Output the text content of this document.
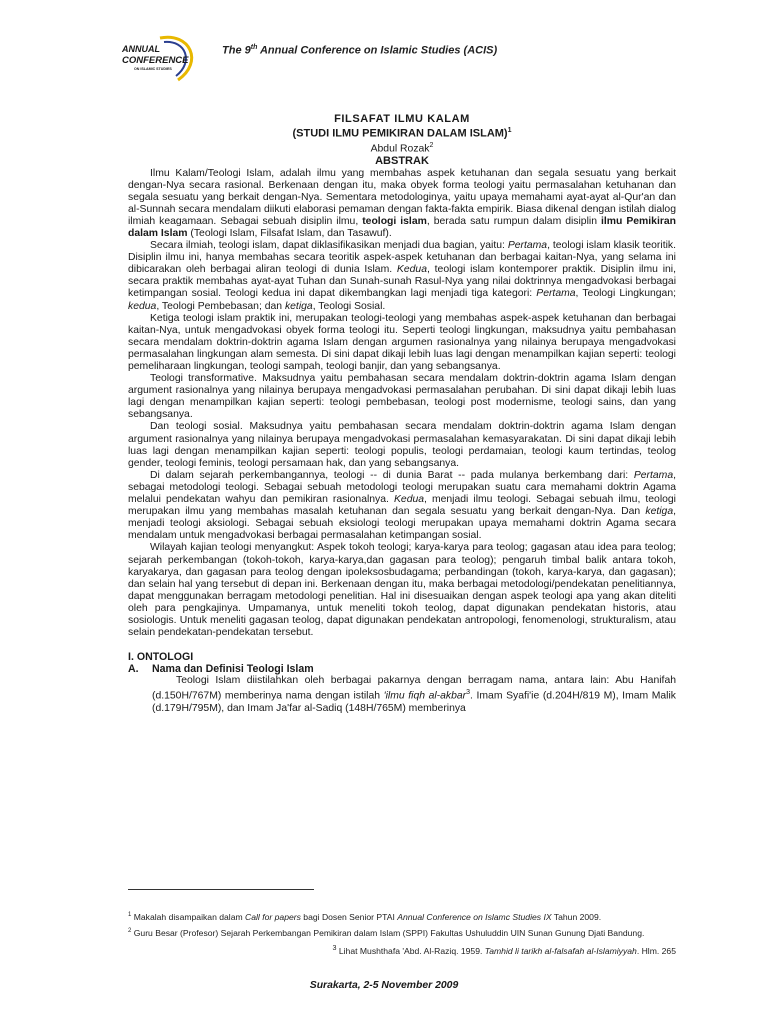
ANNUAL
CONFERENCE
ON ISLAMIC STUDIES
The 9th Annual Conference on Islamic Studies (ACIS)
FILSAFAT ILMU KALAM
(STUDI ILMU PEMIKIRAN DALAM ISLAM)$^1$
Abdul Rozak$^2$
ABSTRAK

Ilmu Kalam/Teologi Islam, adalah ilmu yang membahas aspek ketuhanan dan segala sesuatu yang berkait dengan-Nya secara rasional. Berkenaan dengan itu, maka obyek forma teologi yaitu permasalahan ketuhanan dan segala sesuatu yang berkait dengan-Nya. Sementara metodologinya, yaitu upaya memahami ayat-ayat al-Qur'an dan al-Sunnah secara mendalam diikuti elaborasi pemaman dengan fakta-fakta empirik. Biasa dikenal dengan istilah dialog ilmiah keagamaan. Sebagai sebuah disiplin ilmu, teologi islam, berada satu rumpun dalam disiplin ilmu Pemikiran dalam Islam (Teologi Islam, Filsafat Islam, dan Tasawuf).

Secara ilmiah, teologi islam, dapat diklasifikasikan menjadi dua bagian, yaitu: Pertama, teologi islam klasik teoritik. Disiplin ilmu ini, hanya membahas secara teoritik aspek-aspek ketuhanan dan berbagai kaitan-Nya, yang selama ini dibicarakan oleh berbagai aliran teologi di dunia Islam. Kedua, teologi islam kontemporer praktik. Disiplin ilmu ini, secara praktik membahas ayat-ayat Tuhan dan Sunah-sunah Rasul-Nya yang nilai doktrinnya mengadvokasi berbagai ketimpangan sosial. Teologi kedua ini dapat dikembangkan lagi menjadi tiga kategori: Pertama, Teologi Lingkungan; kedua, Teologi Pembebasan; dan ketiga, Teologi Sosial.

Ketiga teologi islam praktik ini, merupakan teologi-teologi yang membahas aspek-aspek ketuhanan dan berbagai kaitan-Nya, untuk mengadvokasi obyek forma teologi itu. Seperti teologi lingkungan, maksudnya yaitu pembahasan secara mendalam doktrin-doktrin agama Islam dengan argumen rasionalnya yang nilainya berupaya mengadvokasi permasalahan lingkungan alam semesta. Di sini dapat dikaji lebih luas lagi dengan menampilkan kajian seperti: teologi pemeliharaan lingkungan, teologi sampah, teologi banjir, dan yang sebangsanya.

Teologi transformative. Maksudnya yaitu pembahasan secara mendalam doktrin-doktrin agama Islam dengan argument rasionalnya yang nilainya berupaya mengadvokasi permasalahan perubahan. Di sini dapat dikaji lebih luas lagi dengan menampilkan kajian seperti: teologi pembebasan, teologi post modernisme, teologi sains, dan yang sebangsanya.

Dan teologi sosial. Maksudnya yaitu pembahasan secara mendalam doktrin-doktrin agama Islam dengan argument rasionalnya yang nilainya berupaya mengadvokasi permasalahan kemasyarakatan. Di sini dapat dikaji lebih luas lagi dengan menampilkan kajian seperti: teologi populis, teologi perdamaian, teologi kaum tertindas, teolog gender, teologi feminis, teologi persamaan hak, dan yang sebangsanya.

Di dalam sejarah perkembangannya, teologi -- di dunia Barat -- pada mulanya berkembang dari: Pertama, sebagai metodologi teologi. Sebagai sebuah metodologi teologi merupakan suatu cara memahami doktrin Agama melalui pendekatan wahyu dan pemikiran rasionalnya. Kedua, menjadi ilmu teologi. Sebagai sebuah ilmu, teologi merupakan ilmu yang membahas masalah ketuhanan dan segala sesuatu yang berkait dengan-Nya. Dan ketiga, menjadi teologi aksiologi. Sebagai sebuah eksiologi teologi merupakan upaya memahami doktrin Agama secara mendalam untuk mengadvokasi berbagai permasalahan ketimpangan sosial.

Wilayah kajian teologi menyangkut: Aspek tokoh teologi; karya-karya para teolog; gagasan atau idea para teolog; sejarah perkembangan (tokoh-tokoh, karya-karya,dan gagasan para teolog); pengaruh timbal balik antara tokoh, karyakarya, dan gagasan para teolog dengan ipoleksosbudagama; perbandingan (tokoh, karya-karya, dan gagasan); dan selain hal yang tersebut di depan ini. Berkenaan dengan itu, maka berbagai metodologi/pendekatan penelitiannya, dapat menggunakan berragam metodologi penelitian. Hal ini disesuaikan dengan aspek teologi apa yang akan diteliti oleh para pengkajinya. Umpamanya, untuk meneliti tokoh teolog, dapat digunakan pendekatan historis, atau sosiologis. Untuk meneliti gagasan teolog, dapat digunakan pendekatan antropologi, fenomenologi, strukturalism, atau selain pendekatan-pendekatan tersebut.

I. ONTOLOGI
A. Nama dan Definisi Teologi Islam

Teologi Islam diistilahkan oleh berbagai pakarnya dengan berragam nama, antara lain: Abu Hanifah (d.150H/767M) memberinya nama dengan istilah 'ilmu fiqh al-akbar$^3$. Imam Syafi'ie (d.204H/819 M), Imam Malik (d.179H/795M), dan Imam Ja'far al-Sadiq (148H/765M) memberinya

$^1$ Makalah disampaikan dalam Call for papers bagi Dosen Senior PTAI Annual Conference on Islamc Studies IX Tahun 2009.
$^2$ Guru Besar (Profesor) Sejarah Perkembangan Pemikiran dalam Islam (SPPI) Fakultas Ushuluddin UIN Sunan Gunung Djati Bandung.
$^3$ Lihat Mushthafa 'Abd. Al-Raziq. 1959. Tamhid li tarikh al-falsafah al-Islamiyyah. Hlm. 265
Surakarta, 2-5 November 2009
